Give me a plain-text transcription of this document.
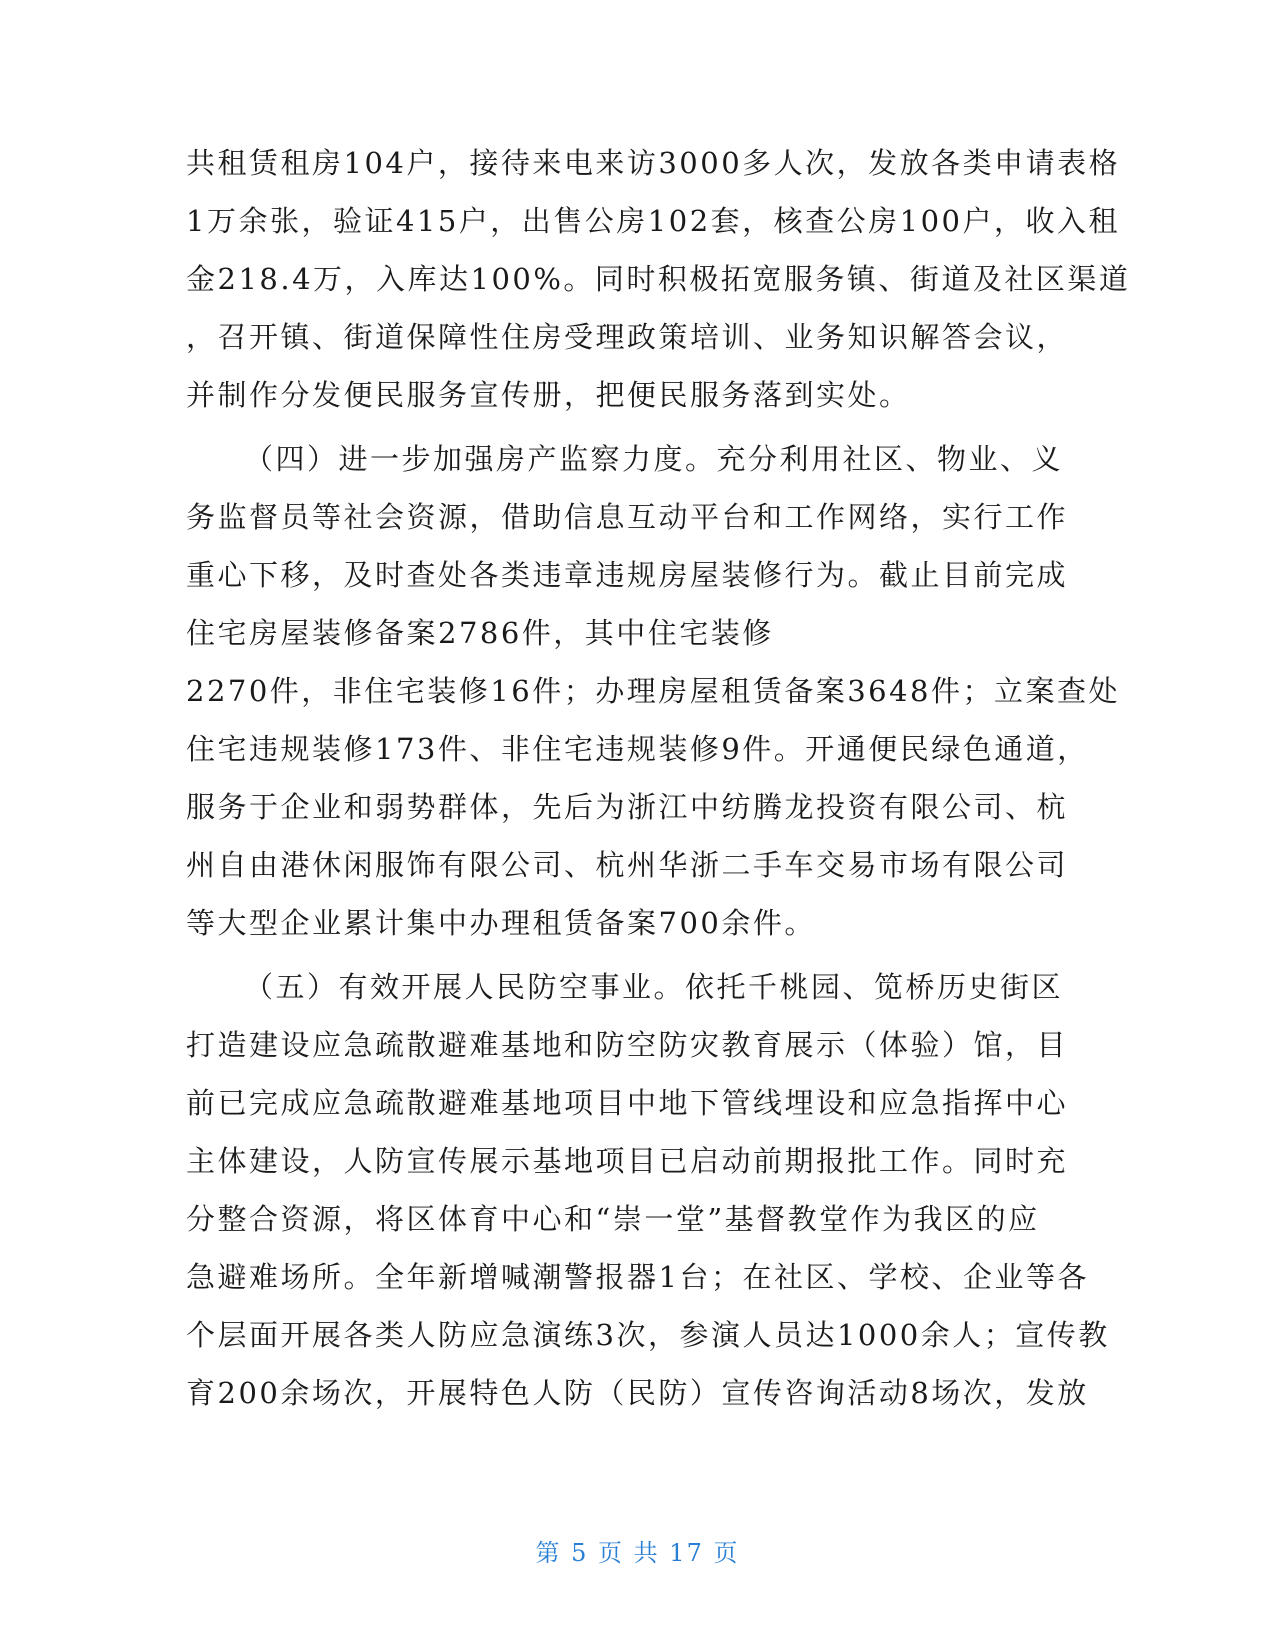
共租赁租房104户，接待来电来访3000多人次，发放各类申请表格
1万余张，验证415户，出售公房102套，核查公房100户，收入租
金218.4万，入库达100%。同时积极拓宽服务镇、街道及社区渠道
，召开镇、街道保障性住房受理政策培训、业务知识解答会议，
并制作分发便民服务宣传册，把便民服务落到实处。
（四）进一步加强房产监察力度。充分利用社区、物业、义
务监督员等社会资源，借助信息互动平台和工作网络，实行工作
重心下移，及时查处各类违章违规房屋装修行为。截止目前完成
住宅房屋装修备案2786件，其中住宅装修
2270件，非住宅装修16件；办理房屋租赁备案3648件；立案查处
住宅违规装修173件、非住宅违规装修9件。开通便民绿色通道，
服务于企业和弱势群体，先后为浙江中纺腾龙投资有限公司、杭
州自由港休闲服饰有限公司、杭州华浙二手车交易市场有限公司
等大型企业累计集中办理租赁备案700余件。
（五）有效开展人民防空事业。依托千桃园、笕桥历史街区
打造建设应急疏散避难基地和防空防灾教育展示（体验）馆，目
前已完成应急疏散避难基地项目中地下管线埋设和应急指挥中心
主体建设，人防宣传展示基地项目已启动前期报批工作。同时充
分整合资源，将区体育中心和“崇一堂”基督教堂作为我区的应
急避难场所。全年新增喊潮警报器1台；在社区、学校、企业等各
个层面开展各类人防应急演练3次，参演人员达1000余人；宣传教
育200余场次，开展特色人防（民防）宣传咨询活动8场次，发放
第 5 页 共 17 页
